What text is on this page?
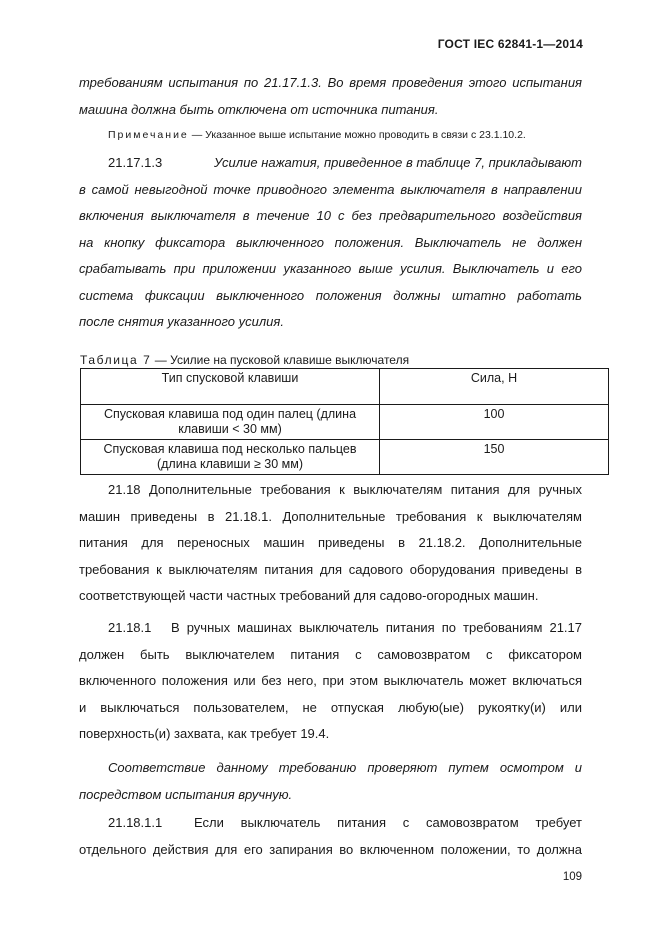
ГОСТ IEC 62841-1—2014
требованиям испытания по 21.17.1.3. Во время проведения этого испытания
машина должна быть отключена от источника питания.
Примечание — Указанное выше испытание можно проводить в связи с 23.1.10.2.
21.17.1.3	Усилие нажатия, приведенное в таблице 7, прикладывают
в самой невыгодной точке приводного элемента выключателя в направлении
включения выключателя в течение 10 с без предварительного воздействия
на кнопку фиксатора выключенного положения. Выключатель не должен
срабатывать при приложении указанного выше усилия. Выключатель и его
система фиксации выключенного положения должны штатно работать
после снятия указанного усилия.
Таблица 7 — Усилие на пусковой клавише выключателя
Тип спусковой клавиши	Сила, Н

Спусковая клавиша под один палец (длина
клавиши < 30 мм)	100

Спусковая клавиша под несколько пальцев
(длина клавиши ≥ 30 мм)	150
21.18 Дополнительные требования к выключателям питания для ручных
машин приведены в 21.18.1. Дополнительные требования к выключателям
питания для переносных машин приведены в 21.18.2. Дополнительные
требования к выключателям питания для садового оборудования приведены в
соответствующей части частных требований для садово-огородных машин.
21.18.1	В ручных машинах выключатель питания по требованиям 21.17
должен быть выключателем питания с самовозвратом с фиксатором
включенного положения или без него, при этом выключатель может включаться
и выключаться пользователем, не отпуская любую(ые) рукоятку(и) или
поверхность(и) захвата, как требует 19.4.
Соответствие данному требованию проверяют путем осмотром и
посредством испытания вручную.
21.18.1.1	Если выключатель питания с самовозвратом требует
отдельного действия для его запирания во включенном положении, то должна
109
